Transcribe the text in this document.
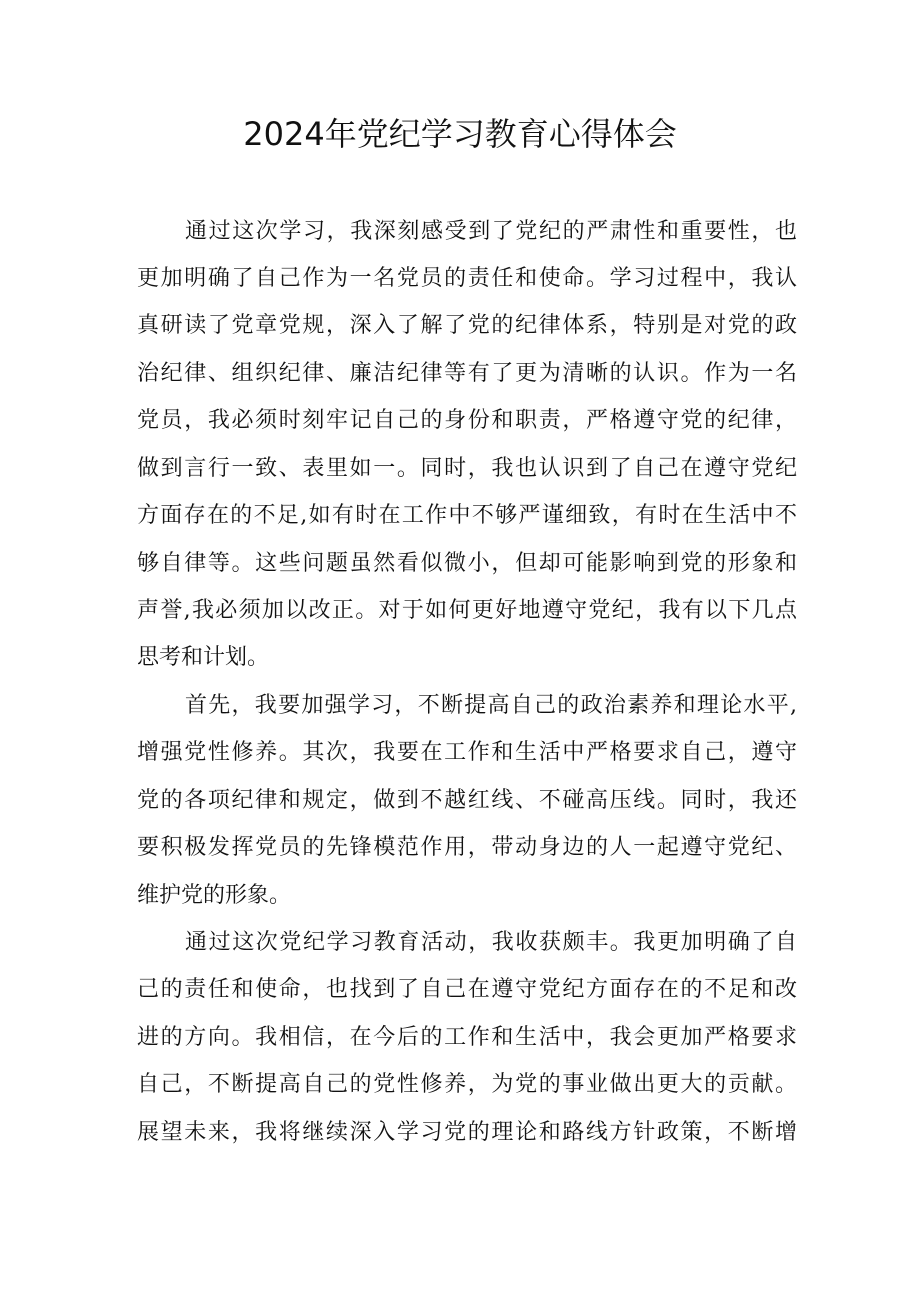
2024年党纪学习教育心得体会

通过这次学习，我深刻感受到了党纪的严肃性和重要性，也

更加明确了自己作为一名党员的责任和使命。学习过程中，我认

真研读了党章党规，深入了解了党的纪律体系，特别是对党的政

治纪律、组织纪律、廉洁纪律等有了更为清晰的认识。作为一名

党员，我必须时刻牢记自己的身份和职责，严格遵守党的纪律，

做到言行一致、表里如一。同时，我也认识到了自己在遵守党纪

方面存在的不足,如有时在工作中不够严谨细致，有时在生活中不

够自律等。这些问题虽然看似微小，但却可能影响到党的形象和

声誉,我必须加以改正。对于如何更好地遵守党纪，我有以下几点

思考和计划。

首先，我要加强学习，不断提高自己的政治素养和理论水平,

增强党性修养。其次，我要在工作和生活中严格要求自己，遵守

党的各项纪律和规定，做到不越红线、不碰高压线。同时，我还

要积极发挥党员的先锋模范作用，带动身边的人一起遵守党纪、

维护党的形象。

通过这次党纪学习教育活动，我收获颇丰。我更加明确了自

己的责任和使命，也找到了自己在遵守党纪方面存在的不足和改

进的方向。我相信，在今后的工作和生活中，我会更加严格要求

自己，不断提高自己的党性修养，为党的事业做出更大的贡献。

展望未来，我将继续深入学习党的理论和路线方针政策，不断增
